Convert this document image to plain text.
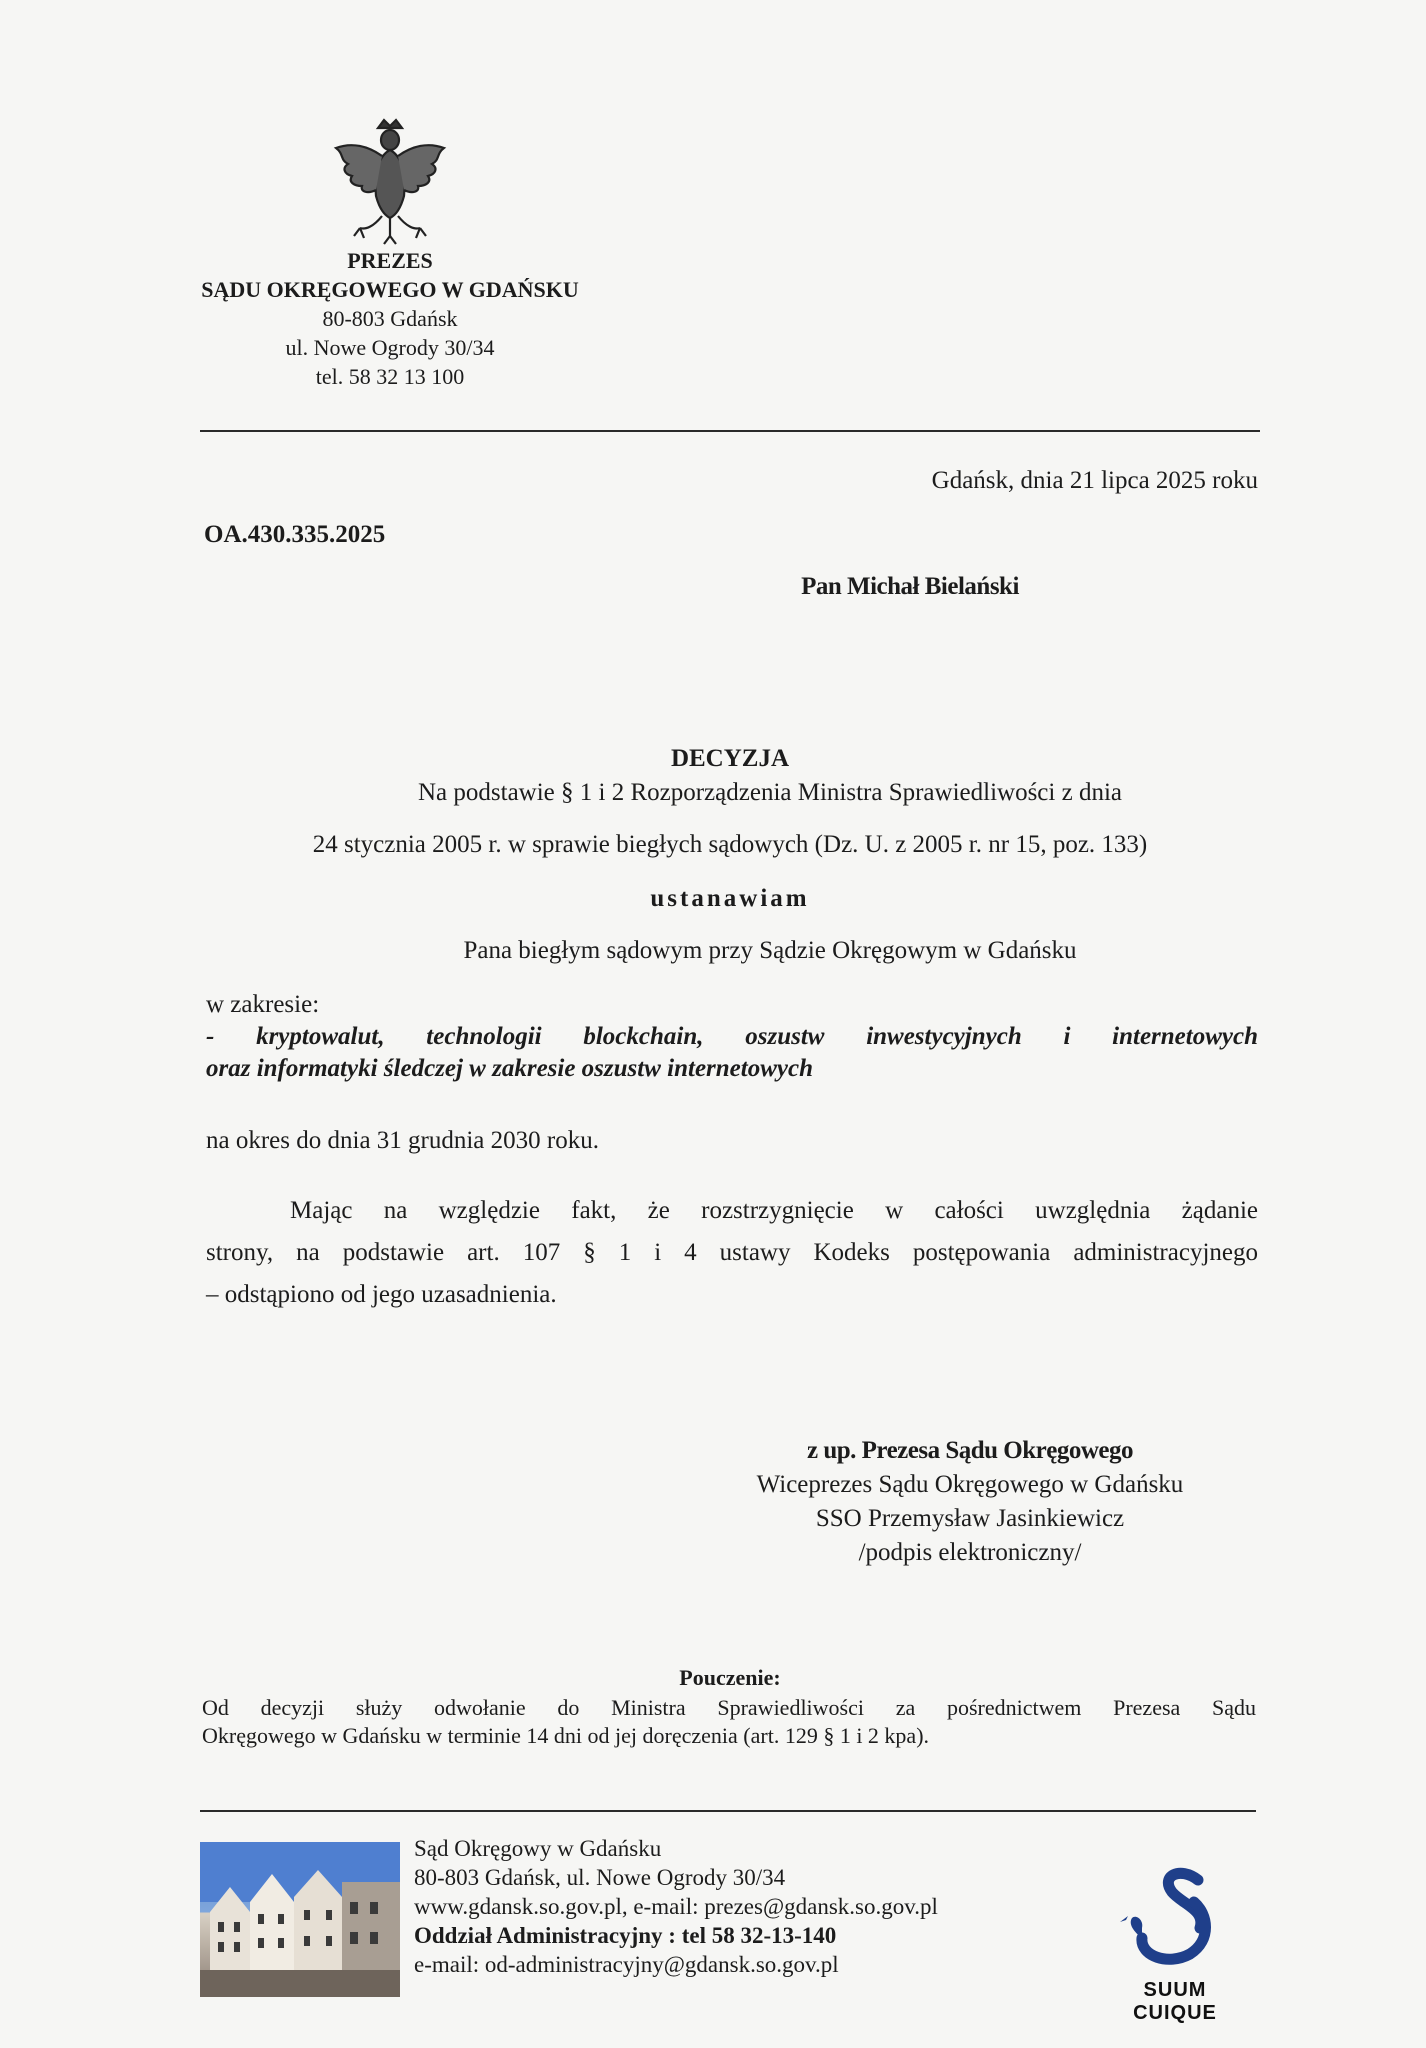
PREZES
SĄDU OKRĘGOWEGO W GDAŃSKU
80-803 Gdańsk
ul. Nowe Ogrody 30/34
tel. 58 32 13 100
Gdańsk, dnia 21 lipca 2025 roku
OA.430.335.2025
Pan Michał Bielański
DECYZJA
Na podstawie § 1 i 2 Rozporządzenia Ministra Sprawiedliwości z dnia
24 stycznia 2005 r. w sprawie biegłych sądowych (Dz. U. z 2005 r. nr 15, poz. 133)
ustanawiam
Pana biegłym sądowym przy Sądzie Okręgowym w Gdańsku
w zakresie:
- kryptowalut, technologii blockchain, oszustw inwestycyjnych i internetowych
oraz informatyki śledczej w zakresie oszustw internetowych
na okres do dnia 31 grudnia 2030 roku.
Mając na względzie fakt, że rozstrzygnięcie w całości uwzględnia żądanie
strony, na podstawie art. 107 § 1 i 4 ustawy Kodeks postępowania administracyjnego
– odstąpiono od jego uzasadnienia.
z up. Prezesa Sądu Okręgowego
Wiceprezes Sądu Okręgowego w Gdańsku
SSO Przemysław Jasinkiewicz
/podpis elektroniczny/
Pouczenie:
Od decyzji służy odwołanie do Ministra Sprawiedliwości za pośrednictwem Prezesa Sądu
Okręgowego w Gdańsku w terminie 14 dni od jej doręczenia (art. 129 § 1 i 2 kpa).
Sąd Okręgowy w Gdańsku
80-803 Gdańsk, ul. Nowe Ogrody 30/34
www.gdansk.so.gov.pl, e-mail: prezes@gdansk.so.gov.pl
Oddział Administracyjny : tel 58 32-13-140
e-mail: od-administracyjny@gdansk.so.gov.pl
SUUM CUIQUE
